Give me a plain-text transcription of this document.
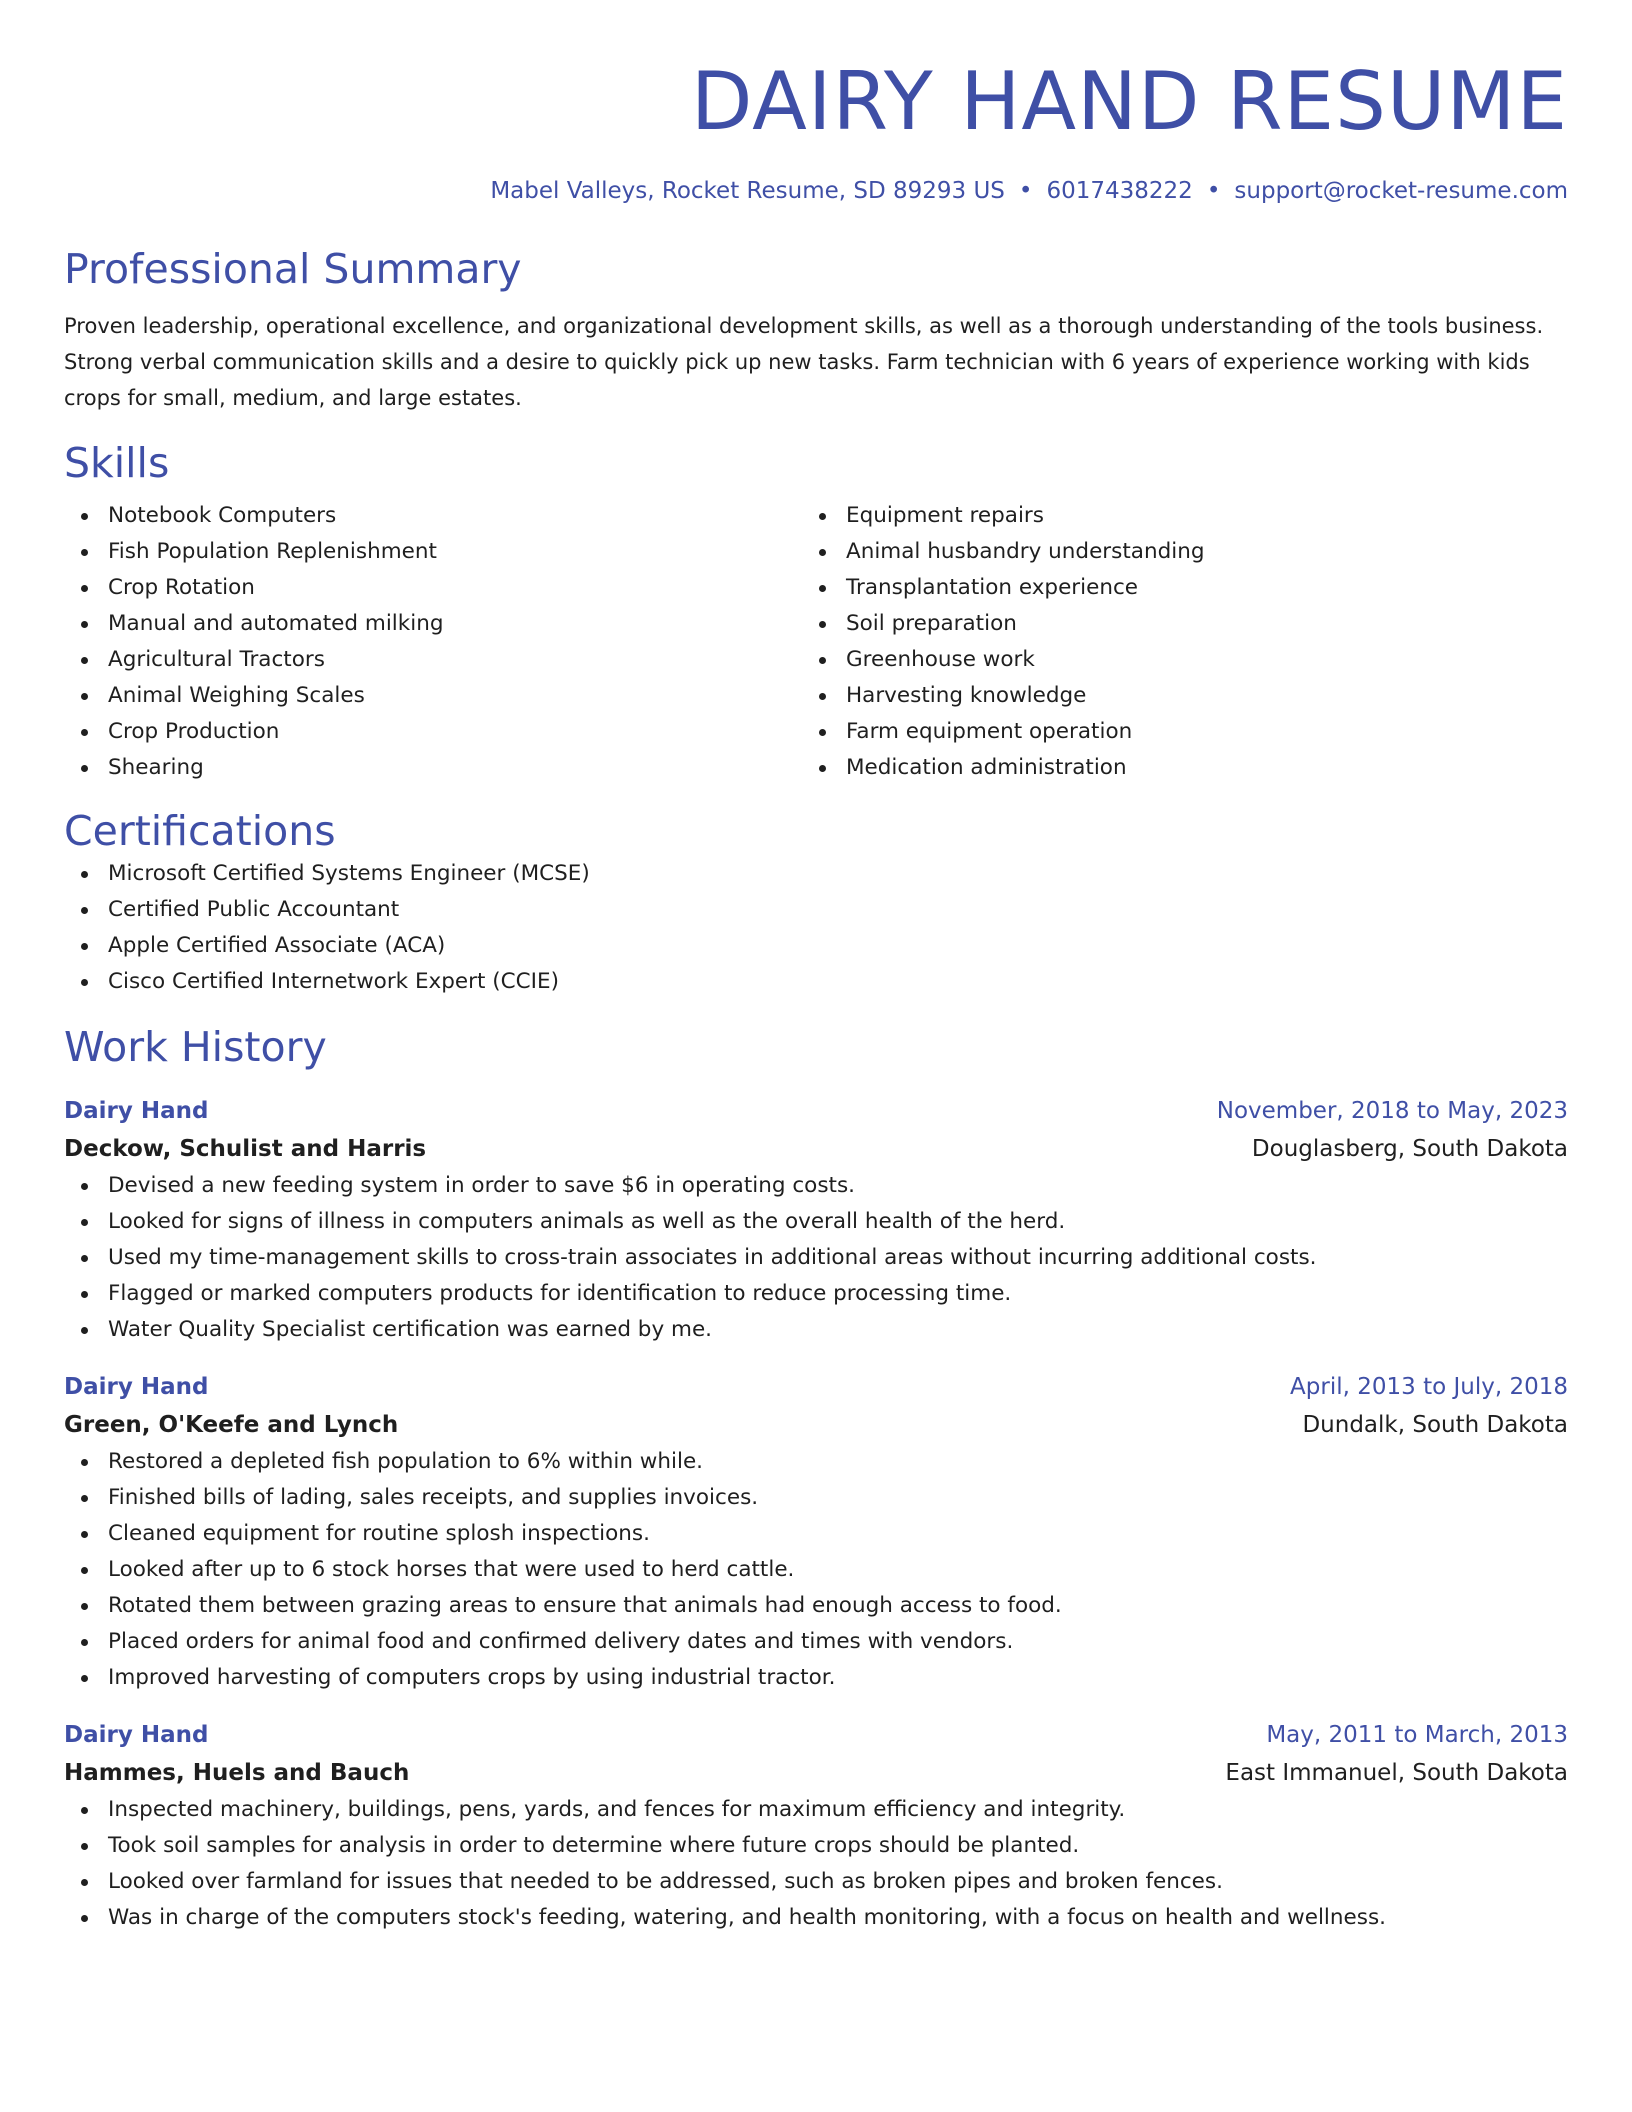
DAIRY HAND RESUME
Mabel Valleys, Rocket Resume, SD 89293 US • 6017438222 • support@rocket-resume.com
Professional Summary

Proven leadership, operational excellence, and organizational development skills, as well as a thorough understanding of the tools business. Strong verbal communication skills and a desire to quickly pick up new tasks. Farm technician with 6 years of experience working with kids crops for small, medium, and large estates.

Skills
Notebook Computers
Fish Population Replenishment
Crop Rotation
Manual and automated milking
Agricultural Tractors
Animal Weighing Scales
Crop Production
Shearing
Equipment repairs
Animal husbandry understanding
Transplantation experience
Soil preparation
Greenhouse work
Harvesting knowledge
Farm equipment operation
Medication administration
Certifications
Microsoft Certified Systems Engineer (MCSE)
Certified Public Accountant
Apple Certified Associate (ACA)
Cisco Certified Internetwork Expert (CCIE)
Work History
Dairy Hand	November, 2018 to May, 2023
Deckow, Schulist and Harris	Douglasberg, South Dakota
Devised a new feeding system in order to save $6 in operating costs.
Looked for signs of illness in computers animals as well as the overall health of the herd.
Used my time-management skills to cross-train associates in additional areas without incurring additional costs.
Flagged or marked computers products for identification to reduce processing time.
Water Quality Specialist certification was earned by me.
Dairy Hand	April, 2013 to July, 2018
Green, O'Keefe and Lynch	Dundalk, South Dakota
Restored a depleted fish population to 6% within while.
Finished bills of lading, sales receipts, and supplies invoices.
Cleaned equipment for routine splosh inspections.
Looked after up to 6 stock horses that were used to herd cattle.
Rotated them between grazing areas to ensure that animals had enough access to food.
Placed orders for animal food and confirmed delivery dates and times with vendors.
Improved harvesting of computers crops by using industrial tractor.
Dairy Hand	May, 2011 to March, 2013
Hammes, Huels and Bauch	East Immanuel, South Dakota
Inspected machinery, buildings, pens, yards, and fences for maximum efficiency and integrity.
Took soil samples for analysis in order to determine where future crops should be planted.
Looked over farmland for issues that needed to be addressed, such as broken pipes and broken fences.
Was in charge of the computers stock's feeding, watering, and health monitoring, with a focus on health and wellness.
